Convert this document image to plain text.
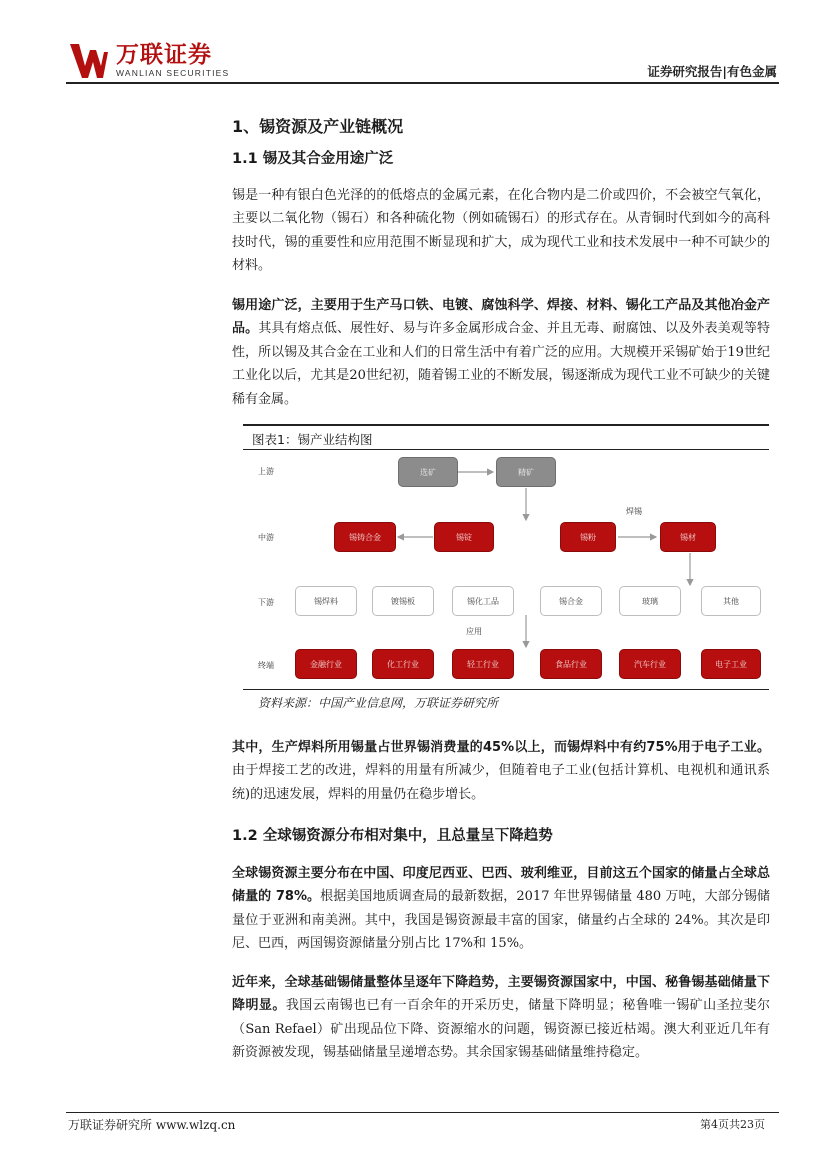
万联证券
WANLIAN SECURITIES	证券研究报告|有色金属
1、锡资源及产业链概况
1.1 锡及其合金用途广泛
锡是一种有银白色光泽的的低熔点的金属元素，在化合物内是二价或四价，不会被空气氧化，主要以二氧化物（锡石）和各种硫化物（例如硫锡石）的形式存在。从青铜时代到如今的高科技时代，锡的重要性和应用范围不断显现和扩大，成为现代工业和技术发展中一种不可缺少的材料。
锡用途广泛，主要用于生产马口铁、电镀、腐蚀科学、焊接、材料、锡化工产品及其他冶金产品。其具有熔点低、展性好、易与许多金属形成合金、并且无毒、耐腐蚀、以及外表美观等特性，所以锡及其合金在工业和人们的日常生活中有着广泛的应用。大规模开采锡矿始于19世纪工业化以后，尤其是20世纪初，随着锡工业的不断发展，锡逐渐成为现代工业不可缺少的关键稀有金属。
图表1：锡产业结构图
上游
中游
下游
终端
选矿	精矿
锡铸合金	锡锭	锡粉	锡材
焊锡
锡焊料	镀锡板	锡化工品	锡合金	玻璃	其他
应用
金融行业	化工行业	轻工行业	食品行业	汽车行业	电子工业
资料来源：中国产业信息网，万联证券研究所
其中，生产焊料所用锡量占世界锡消费量的45%以上，而锡焊料中有约75%用于电子工业。由于焊接工艺的改进，焊料的用量有所减少，但随着电子工业(包括计算机、电视机和通讯系统)的迅速发展，焊料的用量仍在稳步增长。
1.2 全球锡资源分布相对集中，且总量呈下降趋势
全球锡资源主要分布在中国、印度尼西亚、巴西、玻利维亚，目前这五个国家的储量占全球总储量的 78%。根据美国地质调查局的最新数据，2017 年世界锡储量 480 万吨，大部分锡储量位于亚洲和南美洲。其中，我国是锡资源最丰富的国家，储量约占全球的 24%。其次是印尼、巴西，两国锡资源储量分别占比 17%和 15%。
近年来，全球基础锡储量整体呈逐年下降趋势，主要锡资源国家中，中国、秘鲁锡基础储量下降明显。我国云南锡也已有一百余年的开采历史，储量下降明显；秘鲁唯一锡矿山圣拉斐尔（San Refael）矿出现品位下降、资源缩水的问题，锡资源已接近枯竭。澳大利亚近几年有新资源被发现，锡基础储量呈递增态势。其余国家锡基础储量维持稳定。
万联证券研究所 www.wlzq.cn	第4页共23页
